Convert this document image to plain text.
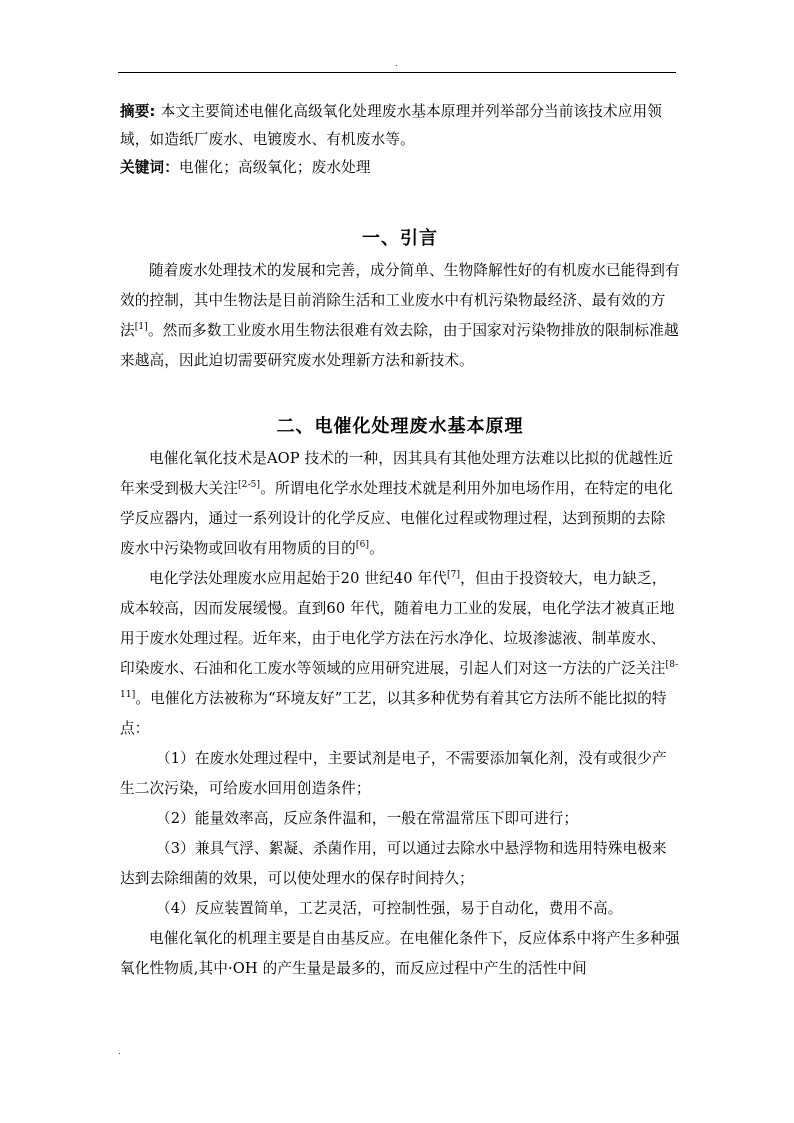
.

摘要: 本文主要简述电催化高级氧化处理废水基本原理并列举部分当前该技术应用领域，如造纸厂废水、电镀废水、有机废水等。

关键词：电催化；高级氧化；废水处理

一、引言

随着废水处理技术的发展和完善，成分简单、生物降解性好的有机废水已能得到有效的控制，其中生物法是目前消除生活和工业废水中有机污染物最经济、最有效的方法[1]。然而多数工业废水用生物法很难有效去除，由于国家对污染物排放的限制标准越来越高，因此迫切需要研究废水处理新方法和新技术。

二、电催化处理废水基本原理

电催化氧化技术是AOP 技术的一种，因其具有其他处理方法难以比拟的优越性近年来受到极大关注[2-5]。所谓电化学水处理技术就是利用外加电场作用，在特定的电化学反应器内，通过一系列设计的化学反应、电催化过程或物理过程，达到预期的去除废水中污染物或回收有用物质的目的[6]。

电化学法处理废水应用起始于20 世纪40 年代[7]，但由于投资较大，电力缺乏，成本较高，因而发展缓慢。直到60 年代，随着电力工业的发展，电化学法才被真正地用于废水处理过程。近年来，由于电化学方法在污水净化、垃圾渗滤液、制革废水、印染废水、石油和化工废水等领域的应用研究进展，引起人们对这一方法的广泛关注[8-11]。电催化方法被称为“环境友好”工艺，以其多种优势有着其它方法所不能比拟的特点：

（1）在废水处理过程中，主要试剂是电子，不需要添加氧化剂，没有或很少产生二次污染，可给废水回用创造条件；

（2）能量效率高，反应条件温和，一般在常温常压下即可进行；

（3）兼具气浮、絮凝、杀菌作用，可以通过去除水中悬浮物和选用特殊电极来达到去除细菌的效果，可以使处理水的保存时间持久；

（4）反应装置简单，工艺灵活，可控制性强，易于自动化，费用不高。

电催化氧化的机理主要是自由基反应。在电催化条件下，反应体系中将产生多种强氧化性物质,其中·OH 的产生量是最多的，而反应过程中产生的活性中间

.
